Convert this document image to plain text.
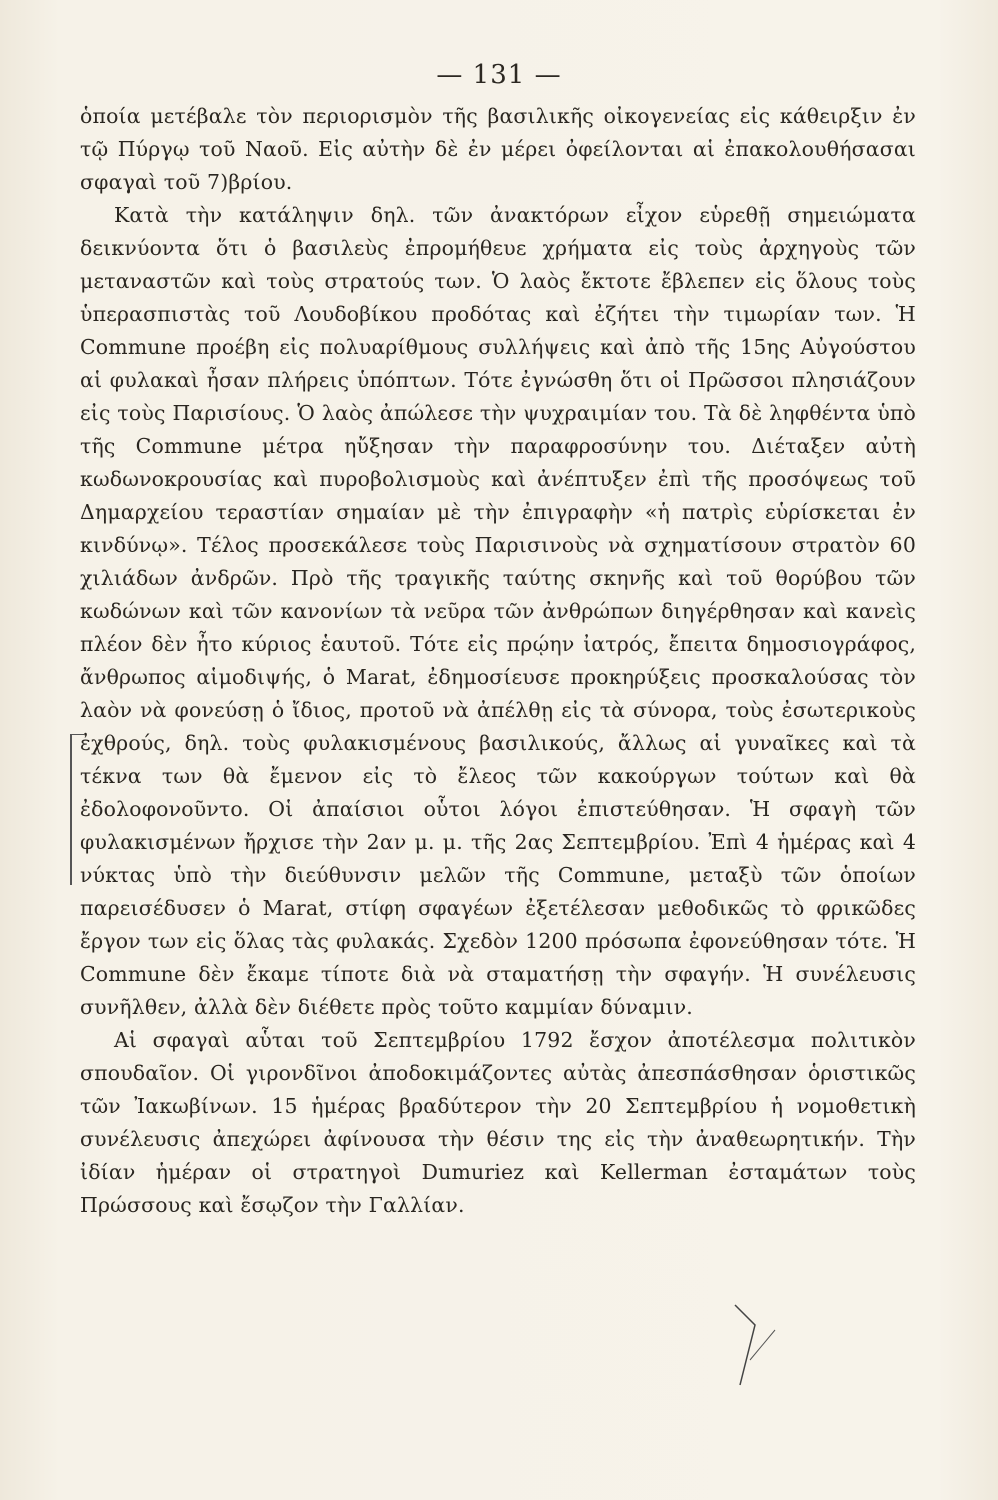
— 131 —

ὁποία μετέβαλε τὸν περιορισμὸν τῆς βασιλικῆς οἰκογενείας εἰς κάθειρξιν ἐν τῷ Πύργῳ τοῦ Ναοῦ. Εἰς αὐτὴν δὲ ἐν μέρει ὀφείλονται αἱ ἐπακολουθήσασαι σφαγαὶ τοῦ 7)βρίου.

Κατὰ τὴν κατάληψιν δηλ. τῶν ἀνακτόρων εἶχον εὑρεθῇ σημειώματα δεικνύοντα ὅτι ὁ βασιλεὺς ἐπρομήθευε χρήματα εἰς τοὺς ἀρχηγοὺς τῶν μεταναστῶν καὶ τοὺς στρατούς των. Ὁ λαὸς ἔκτοτε ἔβλεπεν εἰς ὅλους τοὺς ὑπερασπιστὰς τοῦ Λουδοβίκου προδότας καὶ ἐζήτει τὴν τιμωρίαν των. Ἡ Commune προέβη εἰς πολυαρίθμους συλλήψεις καὶ ἀπὸ τῆς 15ης Αὐγούστου αἱ φυλακαὶ ἦσαν πλήρεις ὑπόπτων. Τότε ἐγνώσθη ὅτι οἱ Πρῶσσοι πλησιάζουν εἰς τοὺς Παρισίους. Ὁ λαὸς ἀπώλεσε τὴν ψυχραιμίαν του. Τὰ δὲ ληφθέντα ὑπὸ τῆς Commune μέτρα ηὔξησαν τὴν παραφροσύνην του. Διέταξεν αὐτὴ κωδωνοκρουσίας καὶ πυροβολισμοὺς καὶ ἀνέπτυξεν ἐπὶ τῆς προσόψεως τοῦ Δημαρχείου τεραστίαν σημαίαν μὲ τὴν ἐπιγραφὴν «ἡ πατρὶς εὑρίσκεται ἐν κινδύνῳ». Τέλος προσεκάλεσε τοὺς Παρισινοὺς νὰ σχηματίσουν στρατὸν 60 χιλιάδων ἀνδρῶν. Πρὸ τῆς τραγικῆς ταύτης σκηνῆς καὶ τοῦ θορύβου τῶν κωδώνων καὶ τῶν κανονίων τὰ νεῦρα τῶν ἀνθρώπων διηγέρθησαν καὶ κανεὶς πλέον δὲν ἦτο κύριος ἑαυτοῦ. Τότε εἰς πρῴην ἰατρός, ἔπειτα δημοσιογράφος, ἄνθρωπος αἱμοδιψής, ὁ Marat, ἐδημοσίευσε προκηρύξεις προσκαλούσας τὸν λαὸν νὰ φονεύσῃ ὁ ἴδιος, προτοῦ νὰ ἀπέλθῃ εἰς τὰ σύνορα, τοὺς ἐσωτερικοὺς ἐχθρούς, δηλ. τοὺς φυλακισμένους βασιλικούς, ἄλλως αἱ γυναῖκες καὶ τὰ τέκνα των θὰ ἔμενον εἰς τὸ ἔλεος τῶν κακούργων τούτων καὶ θὰ ἐδολοφονοῦντο. Οἱ ἀπαίσιοι οὗτοι λόγοι ἐπιστεύθησαν. Ἡ σφαγὴ τῶν φυλακισμένων ἤρχισε τὴν 2αν μ. μ. τῆς 2ας Σεπτεμβρίου. Ἐπὶ 4 ἡμέρας καὶ 4 νύκτας ὑπὸ τὴν διεύθυνσιν μελῶν τῆς Commune, μεταξὺ τῶν ὁποίων παρεισέδυσεν ὁ Marat, στίφη σφαγέων ἐξετέλεσαν μεθοδικῶς τὸ φρικῶδες ἔργον των εἰς ὅλας τὰς φυλακάς. Σχεδὸν 1200 πρόσωπα ἐφονεύθησαν τότε. Ἡ Commune δὲν ἔκαμε τίποτε διὰ νὰ σταματήσῃ τὴν σφαγήν. Ἡ συνέλευσις συνῆλθεν, ἀλλὰ δὲν διέθετε πρὸς τοῦτο καμμίαν δύναμιν.

Αἱ σφαγαὶ αὗται τοῦ Σεπτεμβρίου 1792 ἔσχον ἀποτέλεσμα πολιτικὸν σπουδαῖον. Οἱ γιρονδῖνοι ἀποδοκιμάζοντες αὐτὰς ἀπεσπάσθησαν ὁριστικῶς τῶν Ἰακωβίνων. 15 ἡμέρας βραδύτερον τὴν 20 Σεπτεμβρίου ἡ νομοθετικὴ συνέλευσις ἀπεχώρει ἀφίνουσα τὴν θέσιν της εἰς τὴν ἀναθεωρητικήν. Τὴν ἰδίαν ἡμέραν οἱ στρατηγοὶ Dumuriez καὶ Kellerman ἐσταμάτων τοὺς Πρώσσους καὶ ἔσῳζον τὴν Γαλλίαν.
